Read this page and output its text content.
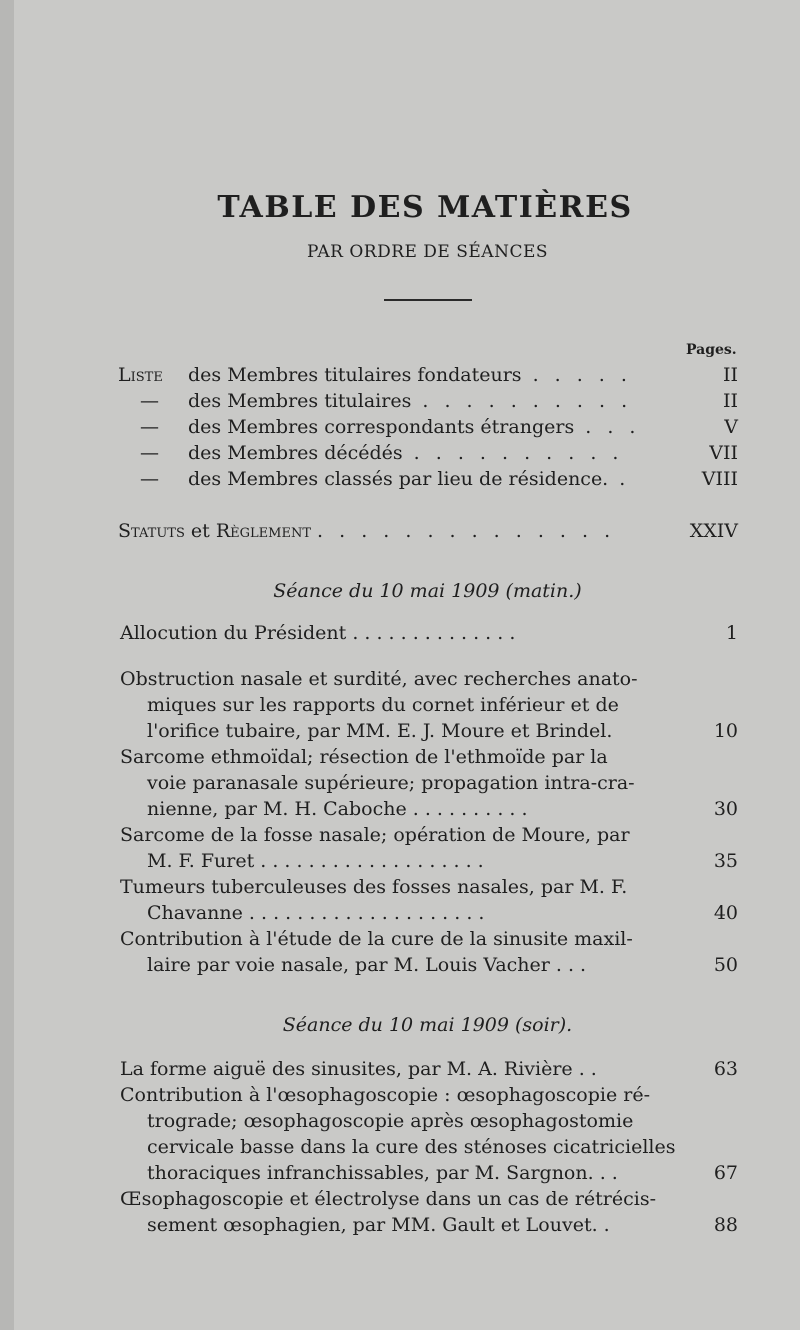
TABLE DES MATIÈRES
PAR ORDRE DE SÉANCES
Pages.
Liste des Membres titulaires fondateurs . . . . .	II
— des Membres titulaires . . . . . . . . . .	II
— des Membres correspondants étrangers . . .	V
— des Membres décédés . . . . . . . . . .	VII
— des Membres classés par lieu de résidence. .	VIII
Statuts et Règlement . . . . . . . . . . . . . .	XXIV
Séance du 10 mai 1909 (matin.)
Allocution du Président . . . . . . . . . . . . . .	1
Obstruction nasale et surdité, avec recherches anato-
miques sur les rapports du cornet inférieur et de
l'orifice tubaire, par MM. E. J. Moure et Brindel.	10
Sarcome ethmoïdal; résection de l'ethmoïde par la
voie paranasale supérieure; propagation intra-cra-
nienne, par M. H. Caboche . . . . . . . . . .	30
Sarcome de la fosse nasale; opération de Moure, par
M. F. Furet . . . . . . . . . . . . . . . . . . .	35
Tumeurs tuberculeuses des fosses nasales, par M. F.
Chavanne . . . . . . . . . . . . . . . . . . . .	40
Contribution à l'étude de la cure de la sinusite maxil-
laire par voie nasale, par M. Louis Vacher . . .	50
Séance du 10 mai 1909 (soir).
La forme aiguë des sinusites, par M. A. Rivière . .	63
Contribution à l'œsophagoscopie : œsophagoscopie ré-
trograde; œsophagoscopie après œsophagostomie
cervicale basse dans la cure des sténoses cicatricielles
thoraciques infranchissables, par M. Sargnon. . .	67
Œsophagoscopie et électrolyse dans un cas de rétrécis-
sement œsophagien, par MM. Gault et Louvet. .	88
